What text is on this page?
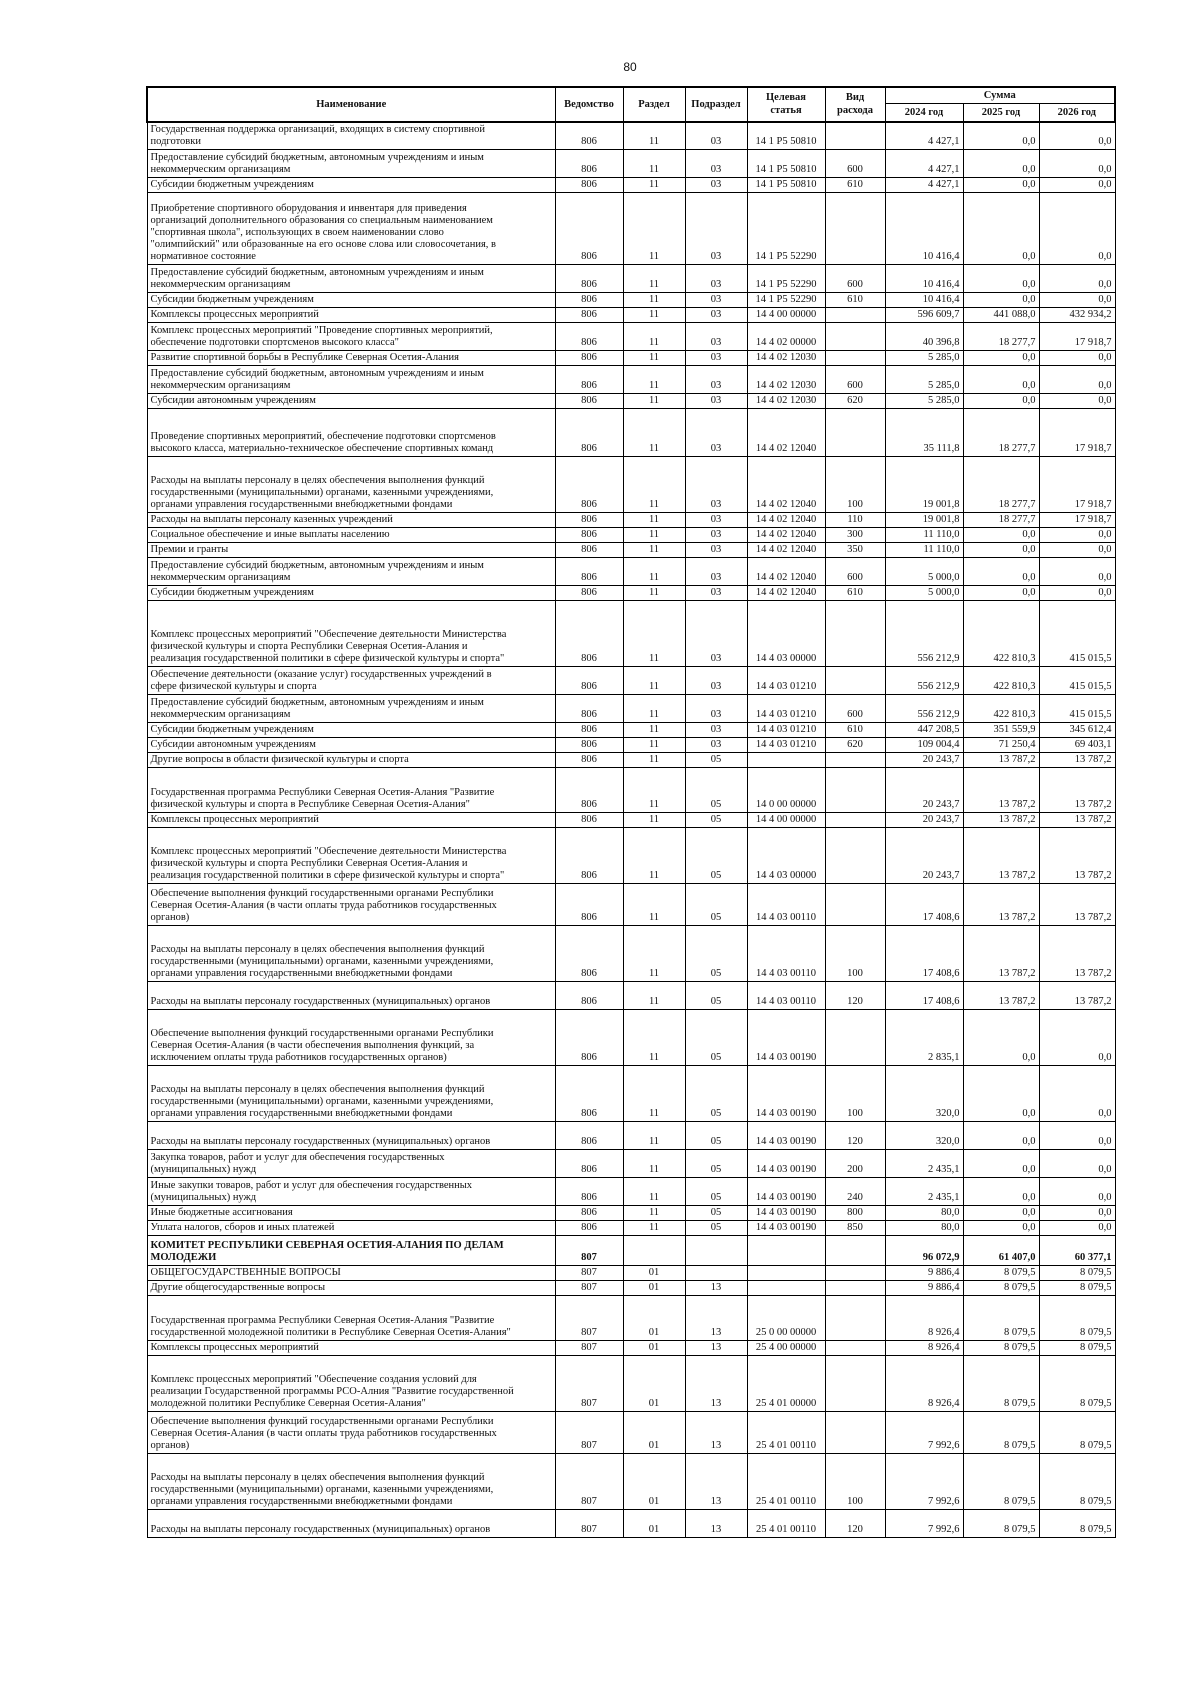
80
Наименование	Ведомство	Раздел	Подраздел	Целевая статья	Вид расхода	Сумма		
						2024 год	2025 год	2026 год
Государственная поддержка организаций, входящих в систему спортивной
подготовки	806	11	03	14 1 P5 50810		4 427,1	0,0	0,0
Предоставление субсидий бюджетным, автономным учреждениям и иным
некоммерческим организациям	806	11	03	14 1 P5 50810	600	4 427,1	0,0	0,0
Субсидии бюджетным учреждениям	806	11	03	14 1 P5 50810	610	4 427,1	0,0	0,0
Приобретение спортивного оборудования и инвентаря для приведения
организаций дополнительного образования со специальным наименованием
"спортивная школа", использующих в своем наименовании слово
"олимпийский" или образованные на его основе слова или словосочетания, в
нормативное состояние	806	11	03	14 1 P5 52290		10 416,4	0,0	0,0
Предоставление субсидий бюджетным, автономным учреждениям и иным
некоммерческим организациям	806	11	03	14 1 P5 52290	600	10 416,4	0,0	0,0
Субсидии бюджетным учреждениям	806	11	03	14 1 P5 52290	610	10 416,4	0,0	0,0
Комплексы процессных мероприятий	806	11	03	14 4 00 00000		596 609,7	441 088,0	432 934,2
Комплекс процессных мероприятий "Проведение спортивных мероприятий,
обеспечение подготовки спортсменов высокого класса"	806	11	03	14 4 02 00000		40 396,8	18 277,7	17 918,7
Развитие спортивной борьбы в Республике Северная Осетия-Алания	806	11	03	14 4 02 12030		5 285,0	0,0	0,0
Предоставление субсидий бюджетным, автономным учреждениям и иным
некоммерческим организациям	806	11	03	14 4 02 12030	600	5 285,0	0,0	0,0
Субсидии автономным учреждениям	806	11	03	14 4 02 12030	620	5 285,0	0,0	0,0
Проведение спортивных мероприятий, обеспечение подготовки спортсменов
высокого класса, материально-техническое обеспечение спортивных команд	806	11	03	14 4 02 12040		35 111,8	18 277,7	17 918,7
Расходы на выплаты персоналу в целях обеспечения выполнения функций
государственными (муниципальными) органами, казенными учреждениями,
органами управления государственными внебюджетными фондами	806	11	03	14 4 02 12040	100	19 001,8	18 277,7	17 918,7
Расходы на выплаты персоналу казенных учреждений	806	11	03	14 4 02 12040	110	19 001,8	18 277,7	17 918,7
Социальное обеспечение и иные выплаты населению	806	11	03	14 4 02 12040	300	11 110,0	0,0	0,0
Премии и гранты	806	11	03	14 4 02 12040	350	11 110,0	0,0	0,0
Предоставление субсидий бюджетным, автономным учреждениям и иным
некоммерческим организациям	806	11	03	14 4 02 12040	600	5 000,0	0,0	0,0
Субсидии бюджетным учреждениям	806	11	03	14 4 02 12040	610	5 000,0	0,0	0,0
Комплекс процессных мероприятий "Обеспечение деятельности Министерства
физической культуры и спорта Республики Северная Осетия-Алания и
реализация государственной политики в сфере физической культуры и спорта"	806	11	03	14 4 03 00000		556 212,9	422 810,3	415 015,5
Обеспечение деятельности (оказание услуг) государственных учреждений в
сфере физической культуры и спорта	806	11	03	14 4 03 01210		556 212,9	422 810,3	415 015,5
Предоставление субсидий бюджетным, автономным учреждениям и иным
некоммерческим организациям	806	11	03	14 4 03 01210	600	556 212,9	422 810,3	415 015,5
Субсидии бюджетным учреждениям	806	11	03	14 4 03 01210	610	447 208,5	351 559,9	345 612,4
Субсидии автономным учреждениям	806	11	03	14 4 03 01210	620	109 004,4	71 250,4	69 403,1
Другие вопросы в области физической культуры и спорта	806	11	05			20 243,7	13 787,2	13 787,2
Государственная программа Республики Северная Осетия-Алания "Развитие
физической культуры и спорта в Республике Северная Осетия-Алания"	806	11	05	14 0 00 00000		20 243,7	13 787,2	13 787,2
Комплексы процессных мероприятий	806	11	05	14 4 00 00000		20 243,7	13 787,2	13 787,2
Комплекс процессных мероприятий "Обеспечение деятельности Министерства
физической культуры и спорта Республики Северная Осетия-Алания и
реализация государственной политики в сфере физической культуры и спорта"	806	11	05	14 4 03 00000		20 243,7	13 787,2	13 787,2
Обеспечение выполнения функций государственными органами Республики
Северная Осетия-Алания (в части оплаты труда работников государственных
органов)	806	11	05	14 4 03 00110		17 408,6	13 787,2	13 787,2
Расходы на выплаты персоналу в целях обеспечения выполнения функций
государственными (муниципальными) органами, казенными учреждениями,
органами управления государственными внебюджетными фондами	806	11	05	14 4 03 00110	100	17 408,6	13 787,2	13 787,2
Расходы на выплаты персоналу государственных (муниципальных) органов	806	11	05	14 4 03 00110	120	17 408,6	13 787,2	13 787,2
Обеспечение выполнения функций государственными органами Республики
Северная Осетия-Алания (в части обеспечения выполнения функций, за
исключением оплаты труда работников государственных органов)	806	11	05	14 4 03 00190		2 835,1	0,0	0,0
Расходы на выплаты персоналу в целях обеспечения выполнения функций
государственными (муниципальными) органами, казенными учреждениями,
органами управления государственными внебюджетными фондами	806	11	05	14 4 03 00190	100	320,0	0,0	0,0
Расходы на выплаты персоналу государственных (муниципальных) органов	806	11	05	14 4 03 00190	120	320,0	0,0	0,0
Закупка товаров, работ и услуг для обеспечения государственных
(муниципальных) нужд	806	11	05	14 4 03 00190	200	2 435,1	0,0	0,0
Иные закупки товаров, работ и услуг для обеспечения государственных
(муниципальных) нужд	806	11	05	14 4 03 00190	240	2 435,1	0,0	0,0
Иные бюджетные ассигнования	806	11	05	14 4 03 00190	800	80,0	0,0	0,0
Уплата налогов, сборов и иных платежей	806	11	05	14 4 03 00190	850	80,0	0,0	0,0
КОМИТЕТ РЕСПУБЛИКИ СЕВЕРНАЯ ОСЕТИЯ-АЛАНИЯ ПО ДЕЛАМ
МОЛОДЕЖИ	807					96 072,9	61 407,0	60 377,1
ОБЩЕГОСУДАРСТВЕННЫЕ ВОПРОСЫ	807	01				9 886,4	8 079,5	8 079,5
Другие общегосударственные вопросы	807	01	13			9 886,4	8 079,5	8 079,5
Государственная программа Республики Северная Осетия-Алания "Развитие
государственной молодежной политики в Республике Северная Осетия-Алания"	807	01	13	25 0 00 00000		8 926,4	8 079,5	8 079,5
Комплексы процессных мероприятий	807	01	13	25 4 00 00000		8 926,4	8 079,5	8 079,5
Комплекс процессных мероприятий "Обеспечение создания условий для
реализации Государственной программы РСО-Алния "Развитие государственной
молодежной политики Республике Северная Осетия-Алания"	807	01	13	25 4 01 00000		8 926,4	8 079,5	8 079,5
Обеспечение выполнения функций государственными органами Республики
Северная Осетия-Алания (в части оплаты труда работников государственных
органов)	807	01	13	25 4 01 00110		7 992,6	8 079,5	8 079,5
Расходы на выплаты персоналу в целях обеспечения выполнения функций
государственными (муниципальными) органами, казенными учреждениями,
органами управления государственными внебюджетными фондами	807	01	13	25 4 01 00110	100	7 992,6	8 079,5	8 079,5
Расходы на выплаты персоналу государственных (муниципальных) органов	807	01	13	25 4 01 00110	120	7 992,6	8 079,5	8 079,5
